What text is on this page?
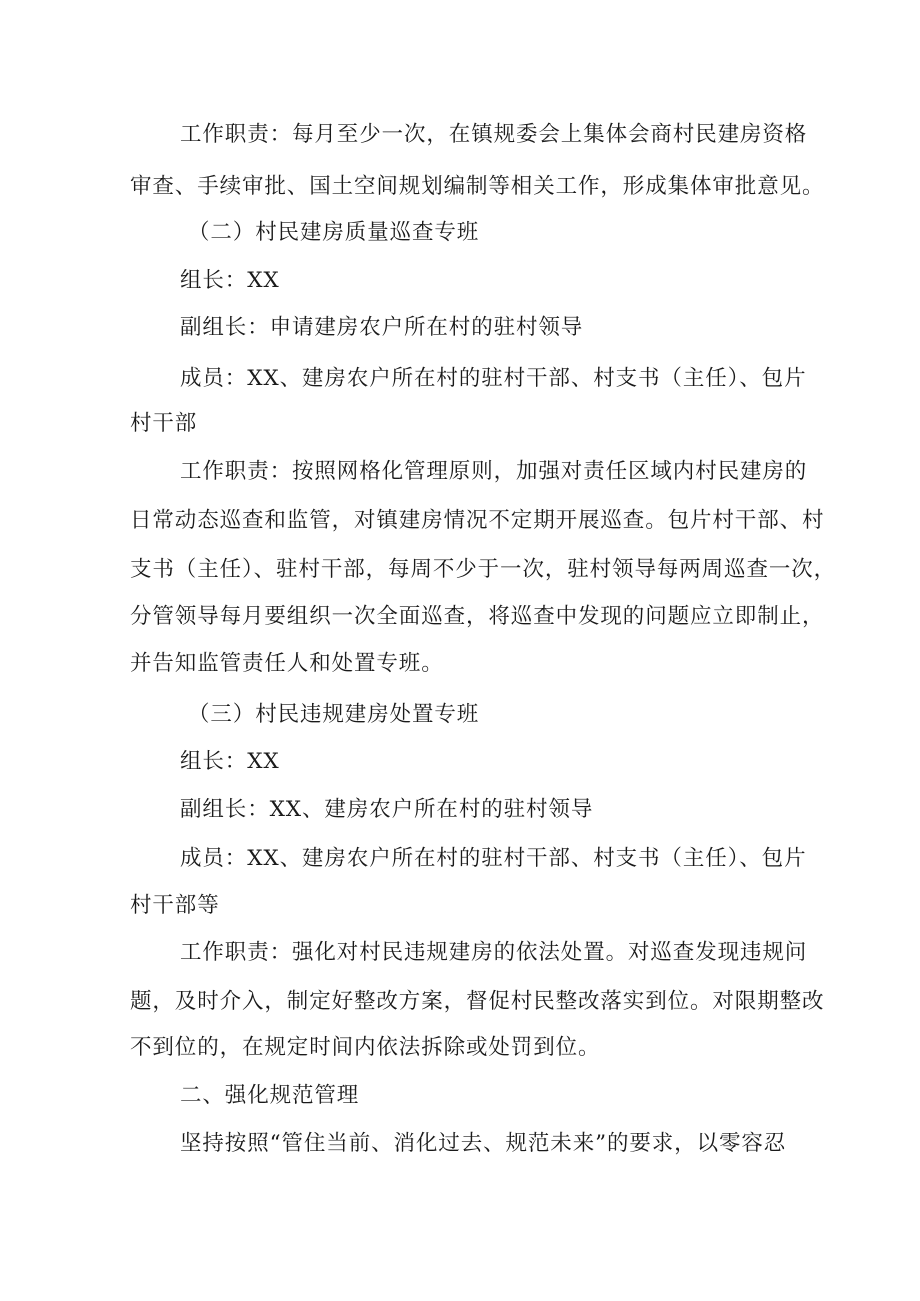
工作职责：每月至少一次，在镇规委会上集体会商村民建房资格
审查、手续审批、国土空间规划编制等相关工作，形成集体审批意见。
（二）村民建房质量巡查专班
组长：XX
副组长：申请建房农户所在村的驻村领导
成员：XX、建房农户所在村的驻村干部、村支书（主任）、包片
村干部
工作职责：按照网格化管理原则，加强对责任区域内村民建房的
日常动态巡查和监管，对镇建房情况不定期开展巡查。包片村干部、村
支书（主任）、驻村干部，每周不少于一次，驻村领导每两周巡查一次，
分管领导每月要组织一次全面巡查，将巡查中发现的问题应立即制止，
并告知监管责任人和处置专班。
（三）村民违规建房处置专班
组长：XX
副组长：XX、建房农户所在村的驻村领导
成员：XX、建房农户所在村的驻村干部、村支书（主任）、包片
村干部等
工作职责：强化对村民违规建房的依法处置。对巡查发现违规问
题，及时介入，制定好整改方案，督促村民整改落实到位。对限期整改
不到位的，在规定时间内依法拆除或处罚到位。
二、强化规范管理
坚持按照“管住当前、消化过去、规范未来”的要求，以零容忍
